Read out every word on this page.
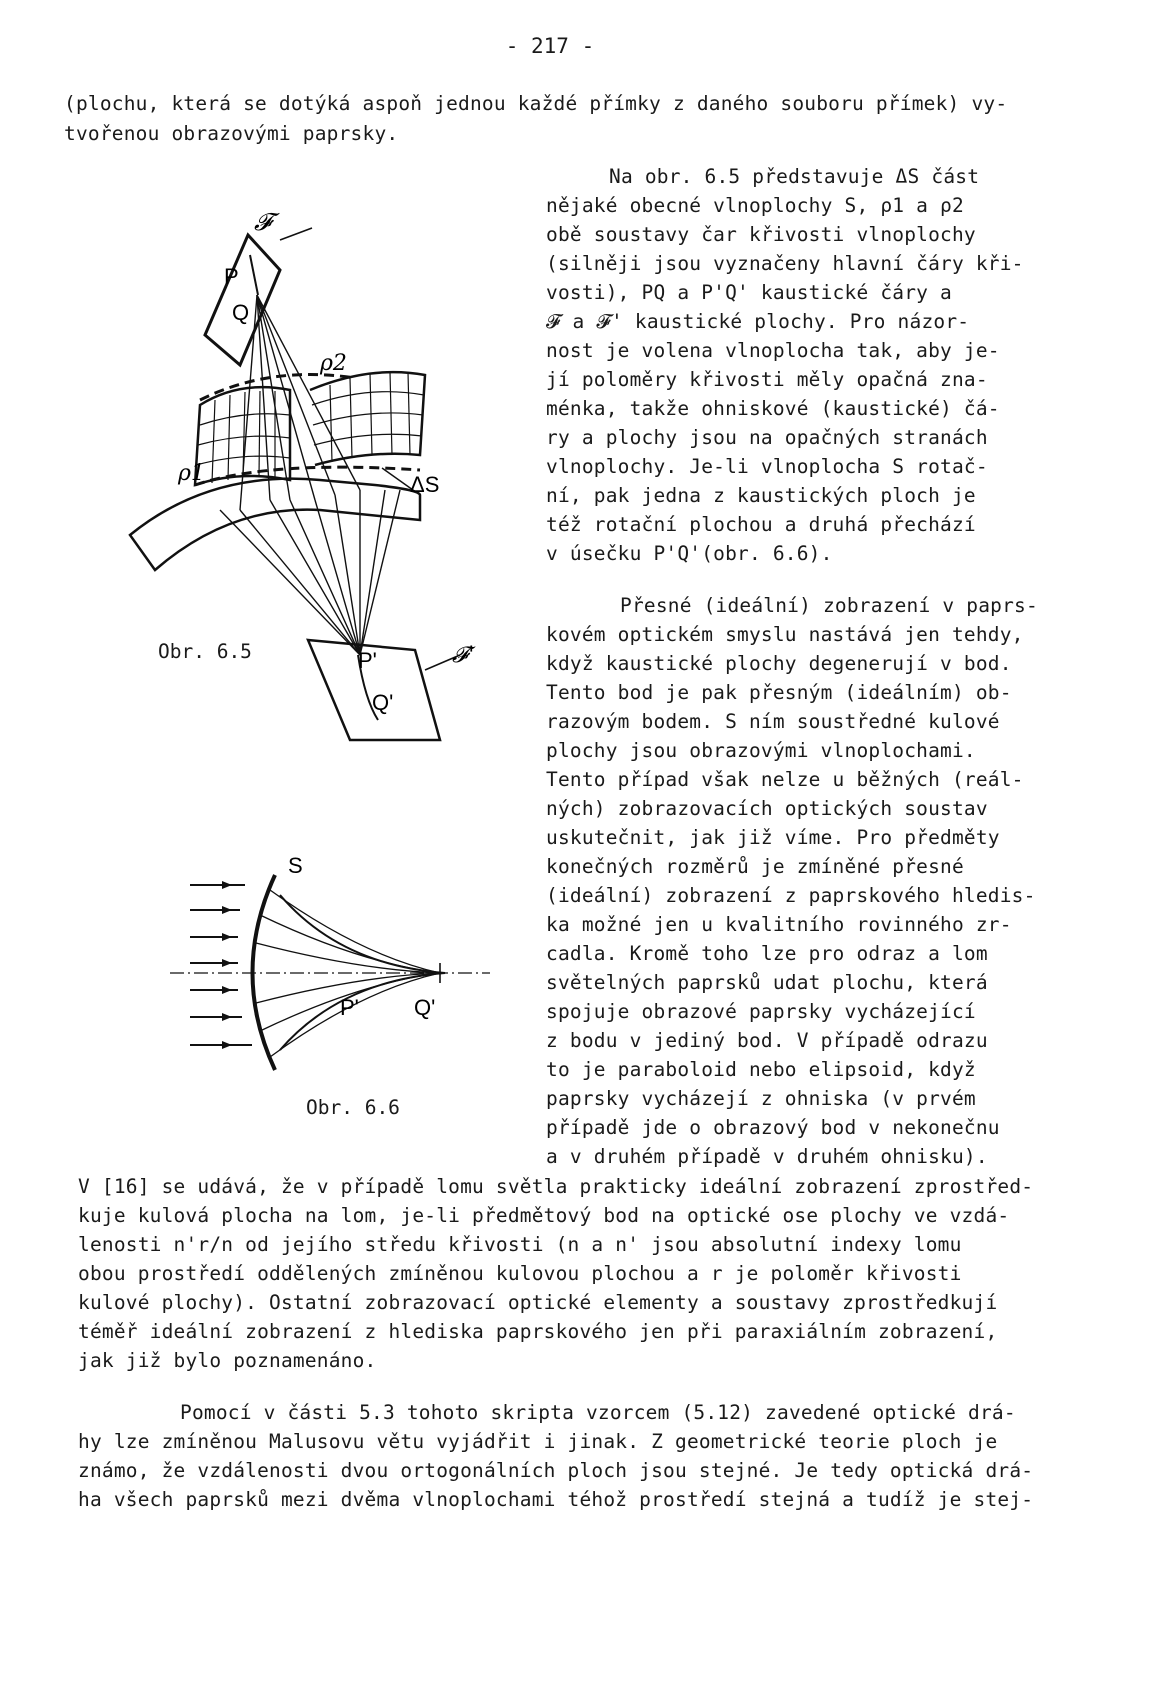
- 217 -
(plochu, která se dotýká aspoň jednou každé přímky z daného souboru přímek) vy-
tvořenou obrazovými paprsky.
Na obr. 6.5 představuje ΔS část
nějaké obecné vlnoplochy S, ρ1 a ρ2
obě soustavy čar křivosti vlnoplochy
(silněji jsou vyznačeny hlavní čáry kři-
vosti), PQ a P'Q' kaustické čáry a
𝓕 a 𝓕' kaustické plochy. Pro názor-
nost je volena vlnoplocha tak, aby je-
jí poloměry křivosti měly opačná zna-
ménka, takže ohniskové (kaustické) čá-
ry a plochy jsou na opačných stranách
vlnoplochy. Je-li vlnoplocha S rotač-
ní, pak jedna z kaustických ploch je
též rotační plochou a druhá přechází
v úsečku P'Q'(obr. 6.6).
Přesné (ideální) zobrazení v paprs-
kovém optickém smyslu nastává jen tehdy,
když kaustické plochy degenerují v bod.
Tento bod je pak přesným (ideálním) ob-
razovým bodem. S ním soustředné kulové
plochy jsou obrazovými vlnoplochami.
Tento případ však nelze u běžných (reál-
ných) zobrazovacích optických soustav
uskutečnit, jak již víme. Pro předměty
konečných rozměrů je zmíněné přesné
(ideální) zobrazení z paprskového hledis-
ka možné jen u kvalitního rovinného zr-
cadla. Kromě toho lze pro odraz a lom
světelných paprsků udat plochu, která
spojuje obrazové paprsky vycházející
z bodu v jediný bod. V případě odrazu
to je paraboloid nebo elipsoid, když
paprsky vycházejí z ohniska (v prvém
případě jde o obrazový bod v nekonečnu
a v druhém případě v druhém ohnisku).
V [16] se udává, že v případě lomu světla prakticky ideální zobrazení zprostřed-
kuje kulová plocha na lom, je-li předmětový bod na optické ose plochy ve vzdá-
lenosti n'r/n od jejího středu křivosti (n a n' jsou absolutní indexy lomu
obou prostředí oddělených zmíněnou kulovou plochou a r je poloměr křivosti
kulové plochy). Ostatní zobrazovací optické elementy a soustavy zprostředkují
téměř ideální zobrazení z hlediska paprskového jen při paraxiálním zobrazení,
jak již bylo poznamenáno.
Pomocí v části 5.3 tohoto skripta vzorcem (5.12) zavedené optické drá-
hy lze zmíněnou Malusovu větu vyjádřit i jinak. Z geometrické teorie ploch je
známo, že vzdálenosti dvou ortogonálních ploch jsou stejné. Je tedy optická drá-
ha všech paprsků mezi dvěma vlnoplochami téhož prostředí stejná a tudíž je stej-
𝓕
P
Q
ρ2
ρ1	ΔS
P'
Q'
𝓕'
Obr. 6.5
S
P'	Q'
Obr. 6.6
